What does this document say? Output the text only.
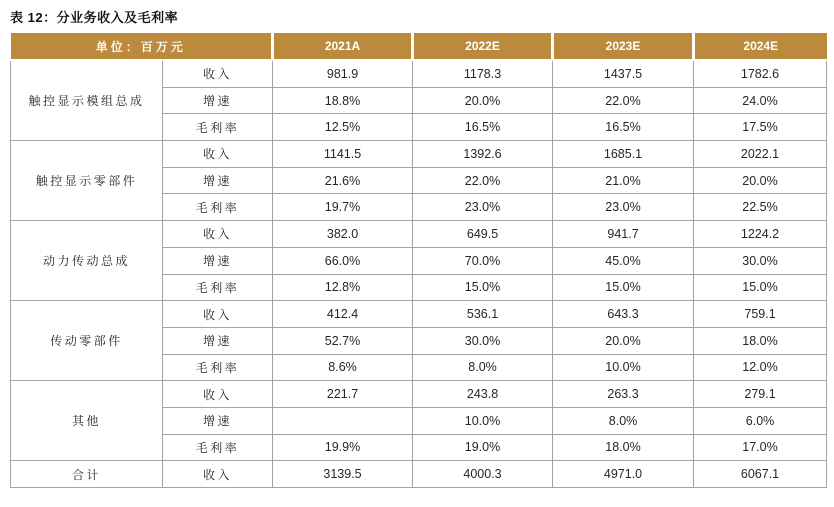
表 12：分业务收入及毛利率
单位：百万元		2021A	2022E	2023E	2024E
触控显示模组总成	收入	981.9	1178.3	1437.5	1782.6
	增速	18.8%	20.0%	22.0%	24.0%
	毛利率	12.5%	16.5%	16.5%	17.5%
触控显示零部件	收入	1141.5	1392.6	1685.1	2022.1
	增速	21.6%	22.0%	21.0%	20.0%
	毛利率	19.7%	23.0%	23.0%	22.5%
动力传动总成	收入	382.0	649.5	941.7	1224.2
	增速	66.0%	70.0%	45.0%	30.0%
	毛利率	12.8%	15.0%	15.0%	15.0%
传动零部件	收入	412.4	536.1	643.3	759.1
	增速	52.7%	30.0%	20.0%	18.0%
	毛利率	8.6%	8.0%	10.0%	12.0%
其他	收入	221.7	243.8	263.3	279.1
	增速		10.0%	8.0%	6.0%
	毛利率	19.9%	19.0%	18.0%	17.0%
合计	收入	3139.5	4000.3	4971.0	6067.1
